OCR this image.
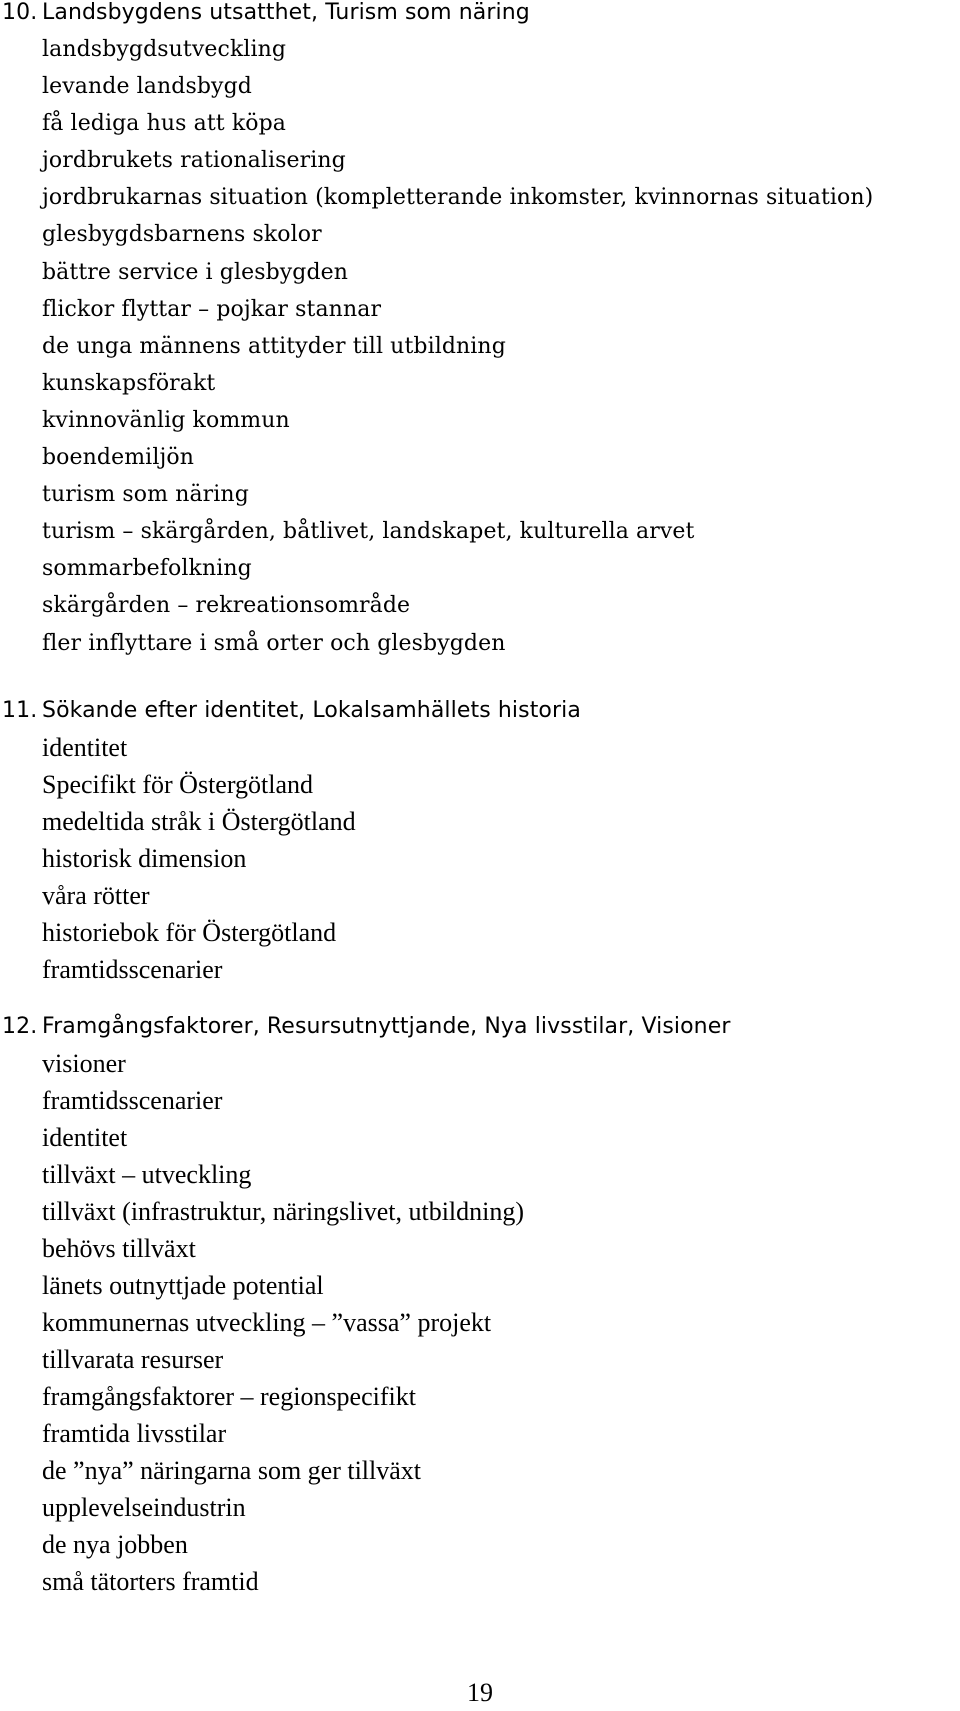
10. Landsbygdens utsatthet, Turism som näring
landsbygdsutveckling
levande landsbygd
få lediga hus att köpa
jordbrukets rationalisering
jordbrukarnas situation (kompletterande inkomster, kvinnornas situation)
glesbygdsbarnens skolor
bättre service i glesbygden
flickor flyttar – pojkar stannar
de unga männens attityder till utbildning
kunskapsförakt
kvinnovänlig kommun
boendemiljön
turism som näring
turism – skärgården, båtlivet, landskapet, kulturella arvet
sommarbefolkning
skärgården – rekreationsområde
fler inflyttare i små orter och glesbygden
11. Sökande efter identitet, Lokalsamhällets historia
identitet
Specifikt för Östergötland
medeltida stråk i Östergötland
historisk dimension
våra rötter
historiebok för Östergötland
framtidsscenarier
12. Framgångsfaktorer, Resursutnyttjande, Nya livsstilar, Visioner
visioner
framtidsscenarier
identitet
tillväxt – utveckling
tillväxt (infrastruktur, näringslivet, utbildning)
behövs tillväxt
länets outnyttjade potential
kommunernas utveckling – ”vassa” projekt
tillvarata resurser
framgångsfaktorer – regionspecifikt
framtida livsstilar
de ”nya” näringarna som ger tillväxt
upplevelseindustrin
de nya jobben
små tätorters framtid
19
